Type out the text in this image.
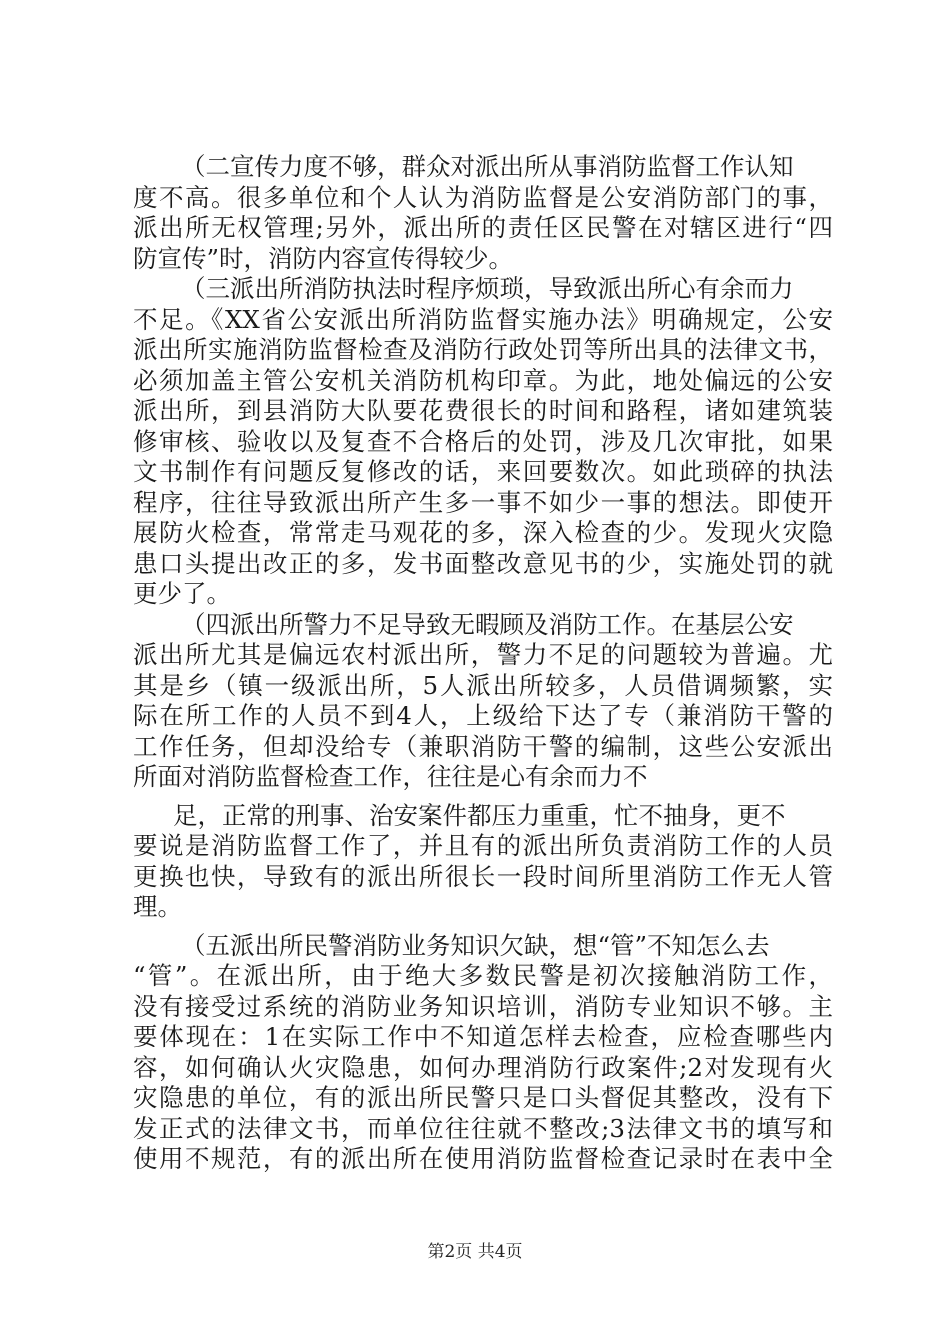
（二宣传力度不够，群众对派出所从事消防监督工作认知
度不高。很多单位和个人认为消防监督是公安消防部门的事，
派出所无权管理;另外，派出所的责任区民警在对辖区进行“四
防宣传”时，消防内容宣传得较少。
（三派出所消防执法时程序烦琐，导致派出所心有余而力
不足。《XX省公安派出所消防监督实施办法》明确规定，公安
派出所实施消防监督检查及消防行政处罚等所出具的法律文书，
必须加盖主管公安机关消防机构印章。为此，地处偏远的公安
派出所，到县消防大队要花费很长的时间和路程，诸如建筑装
修审核、验收以及复查不合格后的处罚，涉及几次审批，如果
文书制作有问题反复修改的话，来回要数次。如此琐碎的执法
程序，往往导致派出所产生多一事不如少一事的想法。即使开
展防火检查，常常走马观花的多，深入检查的少。发现火灾隐
患口头提出改正的多，发书面整改意见书的少，实施处罚的就
更少了。
（四派出所警力不足导致无暇顾及消防工作。在基层公安
派出所尤其是偏远农村派出所，警力不足的问题较为普遍。尤
其是乡（镇一级派出所，5人派出所较多，人员借调频繁，实
际在所工作的人员不到4人，上级给下达了专（兼消防干警的
工作任务，但却没给专（兼职消防干警的编制，这些公安派出
所面对消防监督检查工作，往往是心有余而力不
足，正常的刑事、治安案件都压力重重，忙不抽身，更不
要说是消防监督工作了，并且有的派出所负责消防工作的人员
更换也快，导致有的派出所很长一段时间所里消防工作无人管
理。
（五派出所民警消防业务知识欠缺，想“管”不知怎么去
“管”。在派出所，由于绝大多数民警是初次接触消防工作，
没有接受过系统的消防业务知识培训，消防专业知识不够。主
要体现在：1在实际工作中不知道怎样去检查，应检查哪些内
容，如何确认火灾隐患，如何办理消防行政案件;2对发现有火
灾隐患的单位，有的派出所民警只是口头督促其整改，没有下
发正式的法律文书，而单位往往就不整改;3法律文书的填写和
使用不规范，有的派出所在使用消防监督检查记录时在表中全
第2页 共4页
